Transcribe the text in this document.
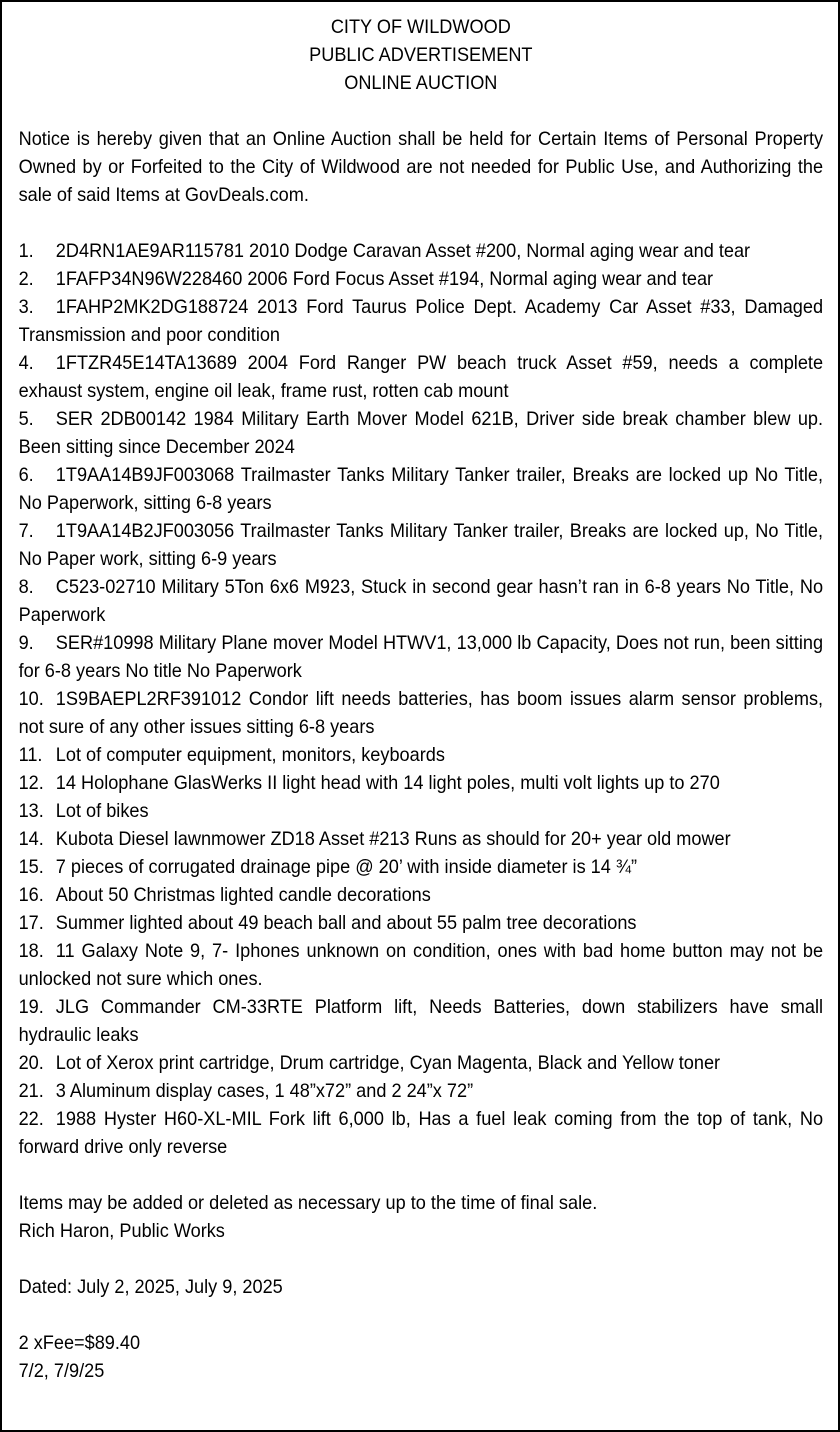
CITY OF WILDWOOD
PUBLIC ADVERTISEMENT
ONLINE AUCTION

Notice is hereby given that an Online Auction shall be held for Certain Items of Personal Property Owned by or Forfeited to the City of Wildwood are not needed for Public Use, and Authorizing the sale of said Items at GovDeals.com.

1. 2D4RN1AE9AR115781 2010 Dodge Caravan Asset #200, Normal aging wear and tear
2. 1FAFP34N96W228460 2006 Ford Focus Asset #194, Normal aging wear and tear
3. 1FAHP2MK2DG188724 2013 Ford Taurus Police Dept. Academy Car Asset #33, Damaged Transmission and poor condition
4. 1FTZR45E14TA13689 2004 Ford Ranger PW beach truck Asset #59, needs a complete exhaust system, engine oil leak, frame rust, rotten cab mount
5. SER 2DB00142 1984 Military Earth Mover Model 621B, Driver side break chamber blew up. Been sitting since December 2024
6. 1T9AA14B9JF003068 Trailmaster Tanks Military Tanker trailer, Breaks are locked up No Title, No Paperwork, sitting 6-8 years
7. 1T9AA14B2JF003056 Trailmaster Tanks Military Tanker trailer, Breaks are locked up, No Title, No Paper work, sitting 6-9 years
8. C523-02710 Military 5Ton 6x6 M923, Stuck in second gear hasn’t ran in 6-8 years No Title, No Paperwork
9. SER#10998 Military Plane mover Model HTWV1, 13,000 lb Capacity, Does not run, been sitting for 6-8 years No title No Paperwork
10. 1S9BAEPL2RF391012 Condor lift needs batteries, has boom issues alarm sensor problems, not sure of any other issues sitting 6-8 years
11. Lot of computer equipment, monitors, keyboards
12. 14 Holophane GlasWerks II light head with 14 light poles, multi volt lights up to 270
13. Lot of bikes
14. Kubota Diesel lawnmower ZD18 Asset #213 Runs as should for 20+ year old mower
15. 7 pieces of corrugated drainage pipe @ 20’ with inside diameter is 14 ¾”
16. About 50 Christmas lighted candle decorations
17. Summer lighted about 49 beach ball and about 55 palm tree decorations
18. 11 Galaxy Note 9, 7- Iphones unknown on condition, ones with bad home button may not be unlocked not sure which ones.
19. JLG Commander CM-33RTE Platform lift, Needs Batteries, down stabilizers have small hydraulic leaks
20. Lot of Xerox print cartridge, Drum cartridge, Cyan Magenta, Black and Yellow toner
21. 3 Aluminum display cases, 1 48”x72” and 2 24”x 72”
22. 1988 Hyster H60-XL-MIL Fork lift 6,000 lb, Has a fuel leak coming from the top of tank, No forward drive only reverse
Items may be added or deleted as necessary up to the time of final sale.
Rich Haron, Public Works
Dated: July 2, 2025, July 9, 2025
2 xFee=$89.40
7/2, 7/9/25
